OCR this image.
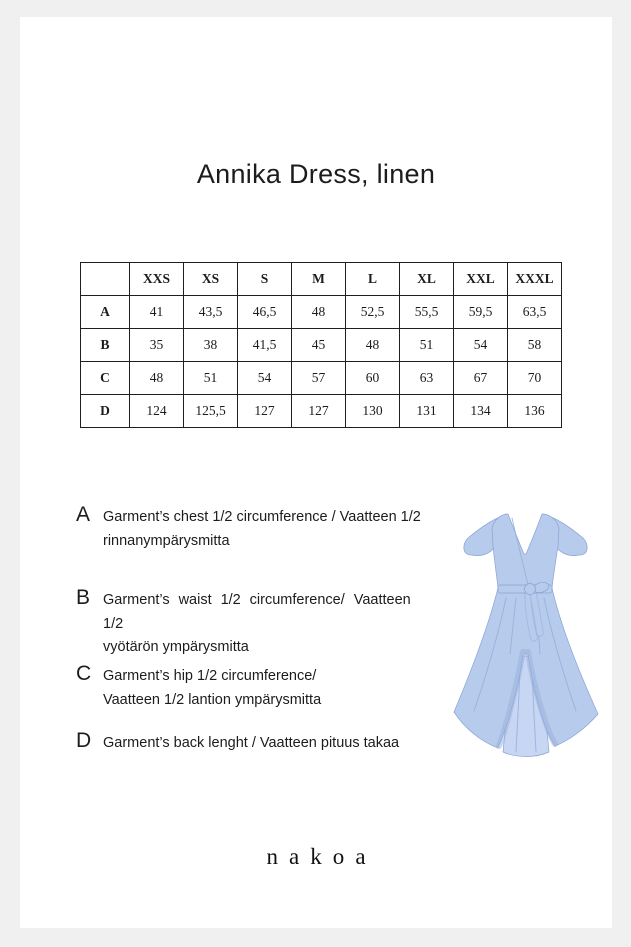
Annika Dress, linen
	XXS	XS	S	M	L	XL	XXL	XXXL
A	41	43,5	46,5	48	52,5	55,5	59,5	63,5
B	35	38	41,5	45	48	51	54	58
C	48	51	54	57	60	63	67	70
D	124	125,5	127	127	130	131	134	136
A Garment’s chest 1/2 circumference / Vaatteen 1/2
rinnanympärysmitta
B Garment’s waist 1/2 circumference/ Vaatteen 1/2
vyötärön ympärysmitta
C Garment’s hip 1/2 circumference/
Vaatteen 1/2 lantion ympärysmitta
D Garment’s back lenght / Vaatteen pituus takaa
nakoa
